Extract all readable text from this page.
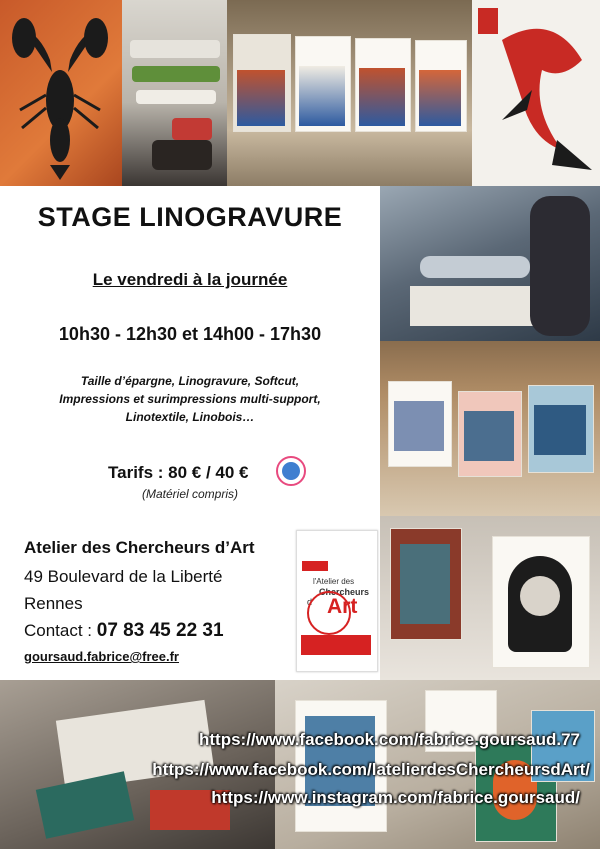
STAGE LINOGRAVURE
Le vendredi à la journée
10h30 - 12h30 et 14h00 - 17h30
Taille d’épargne, Linogravure, Softcut,
Impressions et surimpressions multi-support,
Linotextile, Linobois…
Tarifs : 80 € / 40 €
(Matériel compris)
Atelier des Chercheurs d’Art
49 Boulevard de la Liberté
Rennes
Contact : 07 83 45 22 31
goursaud.fabrice@free.fr
l'Atelier des
Chercheurs
d' Art
https://www.facebook.com/fabrice.goursaud.77
https://www.facebook.com/latelierdesChercheursdArt/
https://www.instagram.com/fabrice.goursaud/
